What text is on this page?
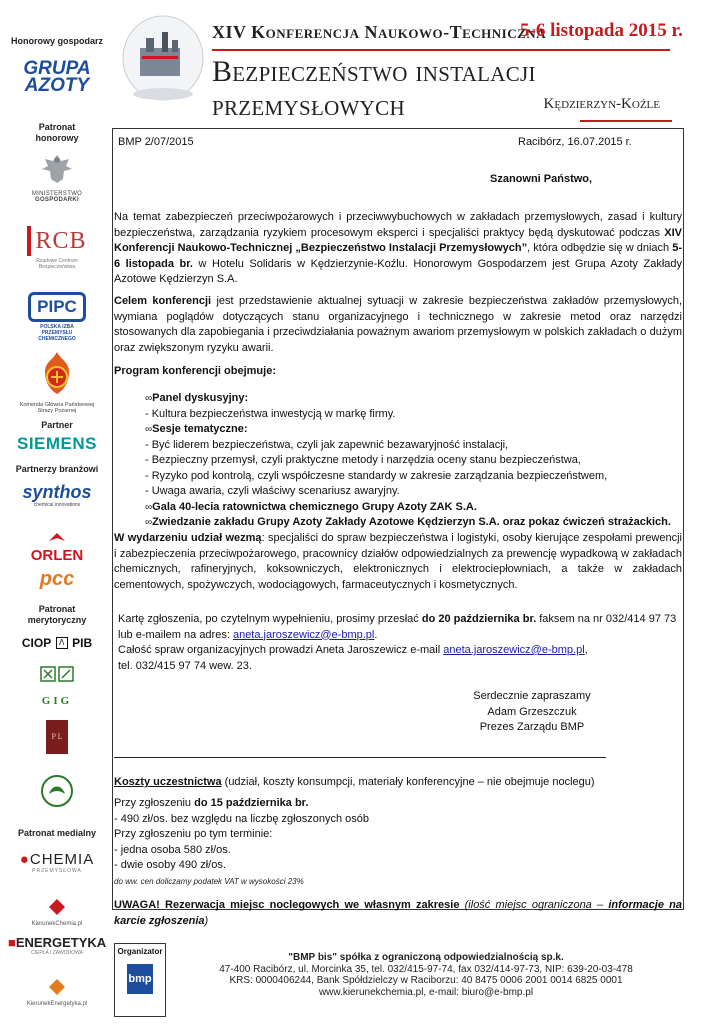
XIV Konferencja Naukowo-Techniczna
5-6 listopada 2015 r.
Bezpieczeństwo instalacji przemysłowych	Kędzierzyn-Koźle
Honorowy gospodarz
GRUPA
AZOTY
Patronat honorowy
MINISTERSTWO
GOSPODARKI
RCB
Rządowe Centrum Bezpieczeństwa
PIPC
POLSKA IZBA PRZEMYSŁU CHEMICZNEGO
Komenda Główna Państwowej Straży Pożarnej
Partner
SIEMENS
Partnerzy branżowi
synthos
chemical innovations
ORLEN
pcc
Patronat merytoryczny
CIOP Λ PIB
GIG
P L
Patronat medialny
●CHEMIA
PRZEMYSŁOWA
KierunekChemia.pl
■ENERGETYKA
CIEPŁA I ZAWODOWA
KierunekEnergetyka.pl
BMP 2/07/2015	Racibórz, 16.07.2015 r.
Szanowni Państwo,
Na temat zabezpieczeń przeciwpożarowych i przeciwwybuchowych w zakładach przemysłowych, zasad i kultury bezpieczeństwa, zarządzania ryzykiem procesowym eksperci i specjaliści praktycy będą dyskutować podczas XIV Konferencji Naukowo-Technicznej „Bezpieczeństwo Instalacji Przemysłowych”, która odbędzie się w dniach 5-6 listopada br. w Hotelu Solidaris w Kędzierzynie-Koźlu. Honorowym Gospodarzem jest Grupa Azoty Zakłady Azotowe Kędzierzyn S.A.
Celem konferencji jest przedstawienie aktualnej sytuacji w zakresie bezpieczeństwa zakładów przemysłowych, wymiana poglądów dotyczących stanu organizacyjnego i technicznego w zakresie metod oraz narzędzi stosowanych dla zapobiegania i przeciwdziałania poważnym awariom przemysłowym w polskich zakładach o dużym oraz zwiększonym ryzyku awarii.
Program konferencji obejmuje:
∞Panel dyskusyjny:
- Kultura bezpieczeństwa inwestycją w markę firmy.
∞Sesje tematyczne:
- Być liderem bezpieczeństwa, czyli jak zapewnić bezawaryjność instalacji,
- Bezpieczny przemysł, czyli praktyczne metody i narzędzia oceny stanu bezpieczeństwa,
- Ryzyko pod kontrolą, czyli współczesne standardy w zakresie zarządzania bezpieczeństwem,
- Uwaga awaria, czyli właściwy scenariusz awaryjny.
∞Gala 40-lecia ratownictwa chemicznego Grupy Azoty ZAK S.A.
∞Zwiedzanie zakładu Grupy Azoty Zakłady Azotowe Kędzierzyn S.A. oraz pokaz ćwiczeń strażackich.
W wydarzeniu udział wezmą: specjaliści do spraw bezpieczeństwa i logistyki, osoby kierujące zespołami prewencji i zabezpieczenia przeciwpożarowego, pracownicy działów odpowiedzialnych za prewencję wypadkową w zakładach chemicznych, rafineryjnych, koksowniczych, elektronicznych i elektrociepłowniach, a także w zakładach cementowych, spożywczych, wodociągowych, farmaceutycznych i kosmetycznych.
Kartę zgłoszenia, po czytelnym wypełnieniu, prosimy przesłać do 20 października br. faksem na nr 032/414 97 73 lub e-mailem na adres: aneta.jaroszewicz@e-bmp.pl.
Całość spraw organizacyjnych prowadzi Aneta Jaroszewicz e-mail aneta.jaroszewicz@e-bmp.pl,
tel. 032/415 97 74 wew. 23.
Serdecznie zapraszamy
Adam Grzeszczuk
Prezes Zarządu BMP
Koszty uczestnictwa (udział, koszty konsumpcji, materiały konferencyjne – nie obejmuje noclegu)
Przy zgłoszeniu do 15 października br.
- 490 zł/os. bez względu na liczbę zgłoszonych osób
Przy zgłoszeniu po tym terminie:
- jedna osoba 580 zł/os.
- dwie osoby 490 zł/os.
do ww. cen doliczamy podatek VAT w wysokości 23%
UWAGA! Rezerwacja miejsc noclegowych we własnym zakresie (ilość miejsc ograniczona – informacje na karcie zgłoszenia)
Organizator
bmp
"BMP bis" spółka z ograniczoną odpowiedzialnością sp.k.
47-400 Racibórz, ul. Morcinka 35, tel. 032/415-97-74, fax 032/414-97-73, NIP: 639-20-03-478
KRS: 0000406244, Bank Spółdzielczy w Raciborzu: 40 8475 0006 2001 0014 6825 0001
www.kierunekchemia.pl, e-mail: biuro@e-bmp.pl
